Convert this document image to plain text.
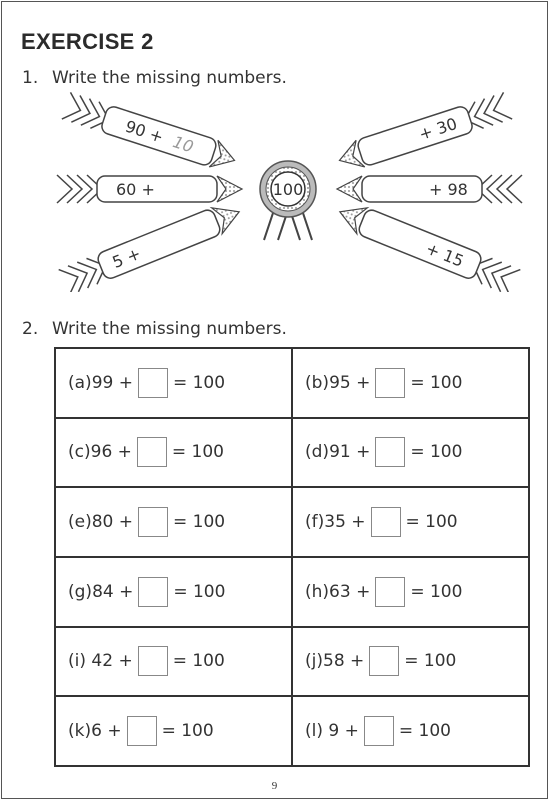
EXERCISE 2
1. Write the missing numbers.
100
90 + 10
60 +
5 +
+ 30
+ 98
+ 15
2. Write the missing numbers.
(a) 99 + = 100	(b) 95 + = 100
(c) 96 + = 100	(d) 91 + = 100
(e) 80 + = 100	(f) 35 + = 100
(g) 84 + = 100	(h) 63 + = 100
(i) 42 + = 100	(j) 58 + = 100
(k) 6 + = 100	(l) 9 + = 100
9
